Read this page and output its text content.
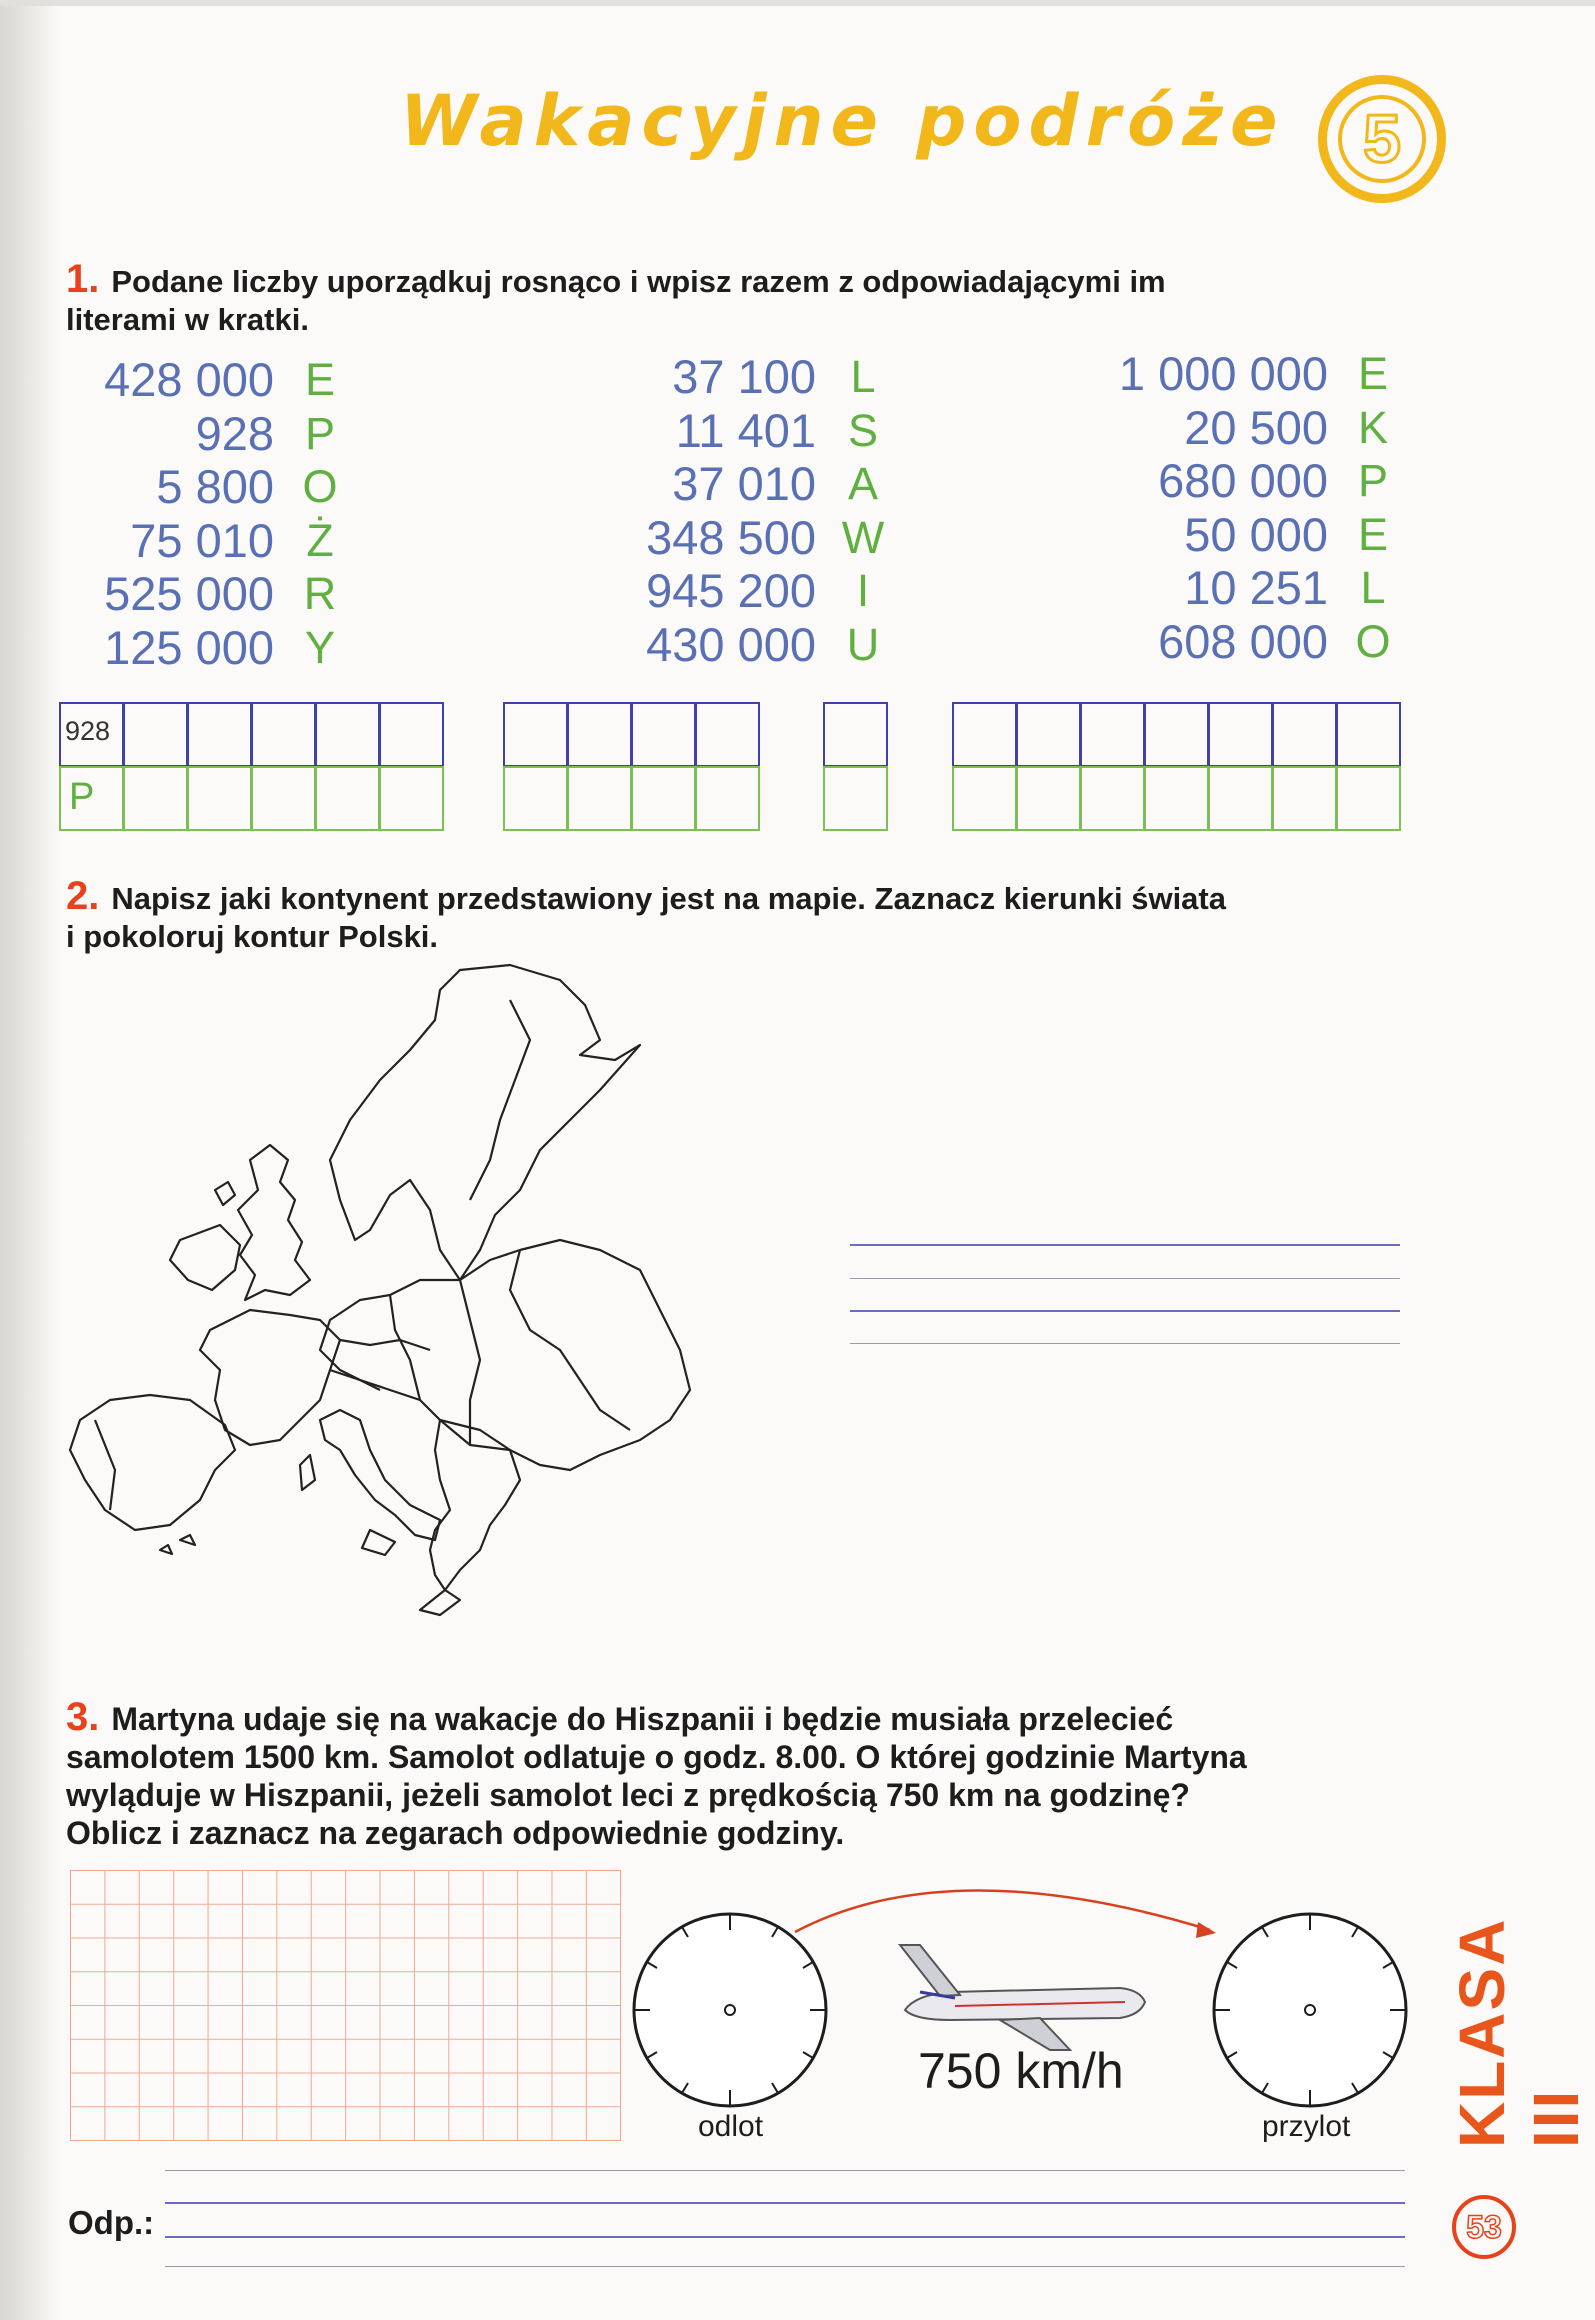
Wakacyjne podróże	5
1. Podane liczby uporządkuj rosnąco i wpisz razem z odpowiadającymi im
literami w kratki.
428 000
928
5 800
75 010
525 000
125 000
E
P
O
Ż
R
Y
37 100
11 401
37 010
348 500
945 200
430 000
L
S
A
W
I
U
1 000 000
20 500
680 000
50 000
10 251
608 000
E
K
P
E
L
O
928
P
2. Napisz jaki kontynent przedstawiony jest na mapie. Zaznacz kierunki świata
i pokoloruj kontur Polski.
3. Martyna udaje się na wakacje do Hiszpanii i będzie musiała przelecieć
samolotem 1500 km. Samolot odlatuje o godz. 8.00. O której godzinie Martyna
wyląduje w Hiszpanii, jeżeli samolot leci z prędkością 750 km na godzinę?
Oblicz i zaznacz na zegarach odpowiednie godziny.
750 km/h
odlot	przylot
Odp.:
KLASA III
53
